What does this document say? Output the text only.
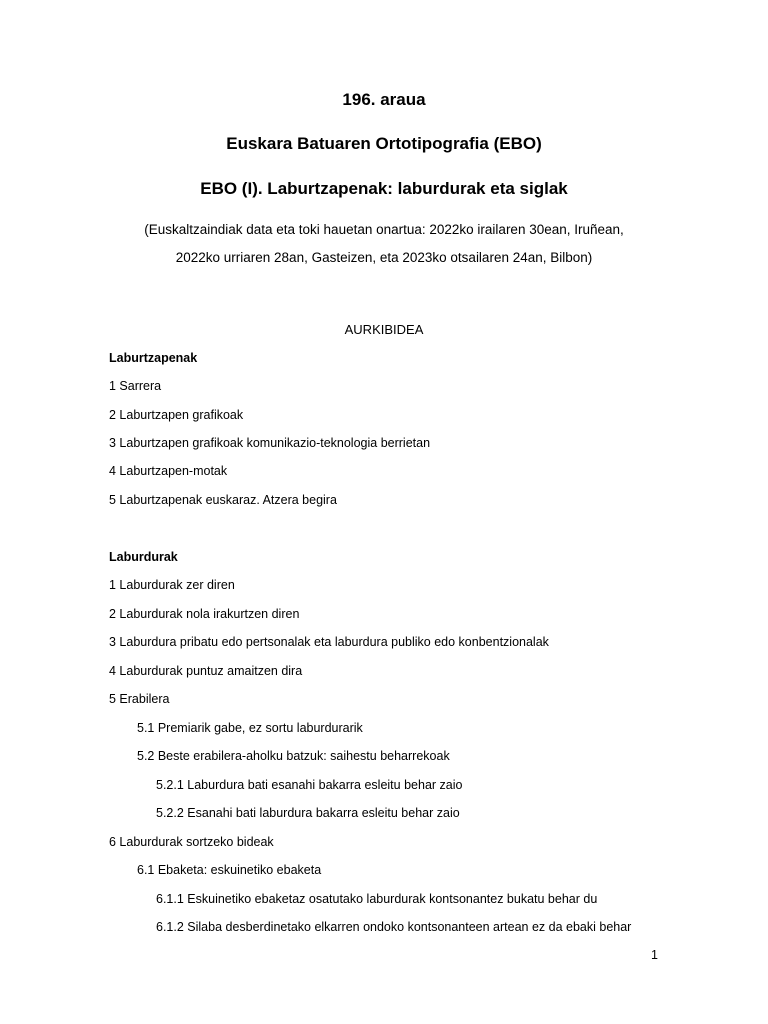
196. araua
Euskara Batuaren Ortotipografia (EBO)
EBO (I). Laburtzapenak: laburdurak eta siglak
(Euskaltzaindiak data eta toki hauetan onartua: 2022ko irailaren 30ean, Iruñean,
2022ko urriaren 28an, Gasteizen, eta 2023ko otsailaren 24an, Bilbon)
AURKIBIDEA
Laburtzapenak
1 Sarrera
2 Laburtzapen grafikoak
3 Laburtzapen grafikoak komunikazio-teknologia berrietan
4 Laburtzapen-motak
5 Laburtzapenak euskaraz. Atzera begira
Laburdurak
1 Laburdurak zer diren
2 Laburdurak nola irakurtzen diren
3 Laburdura pribatu edo pertsonalak eta laburdura publiko edo konbentzionalak
4 Laburdurak puntuz amaitzen dira
5 Erabilera
5.1 Premiarik gabe, ez sortu laburdurarik
5.2 Beste erabilera-aholku batzuk: saihestu beharrekoak
5.2.1 Laburdura bati esanahi bakarra esleitu behar zaio
5.2.2 Esanahi bati laburdura bakarra esleitu behar zaio
6 Laburdurak sortzeko bideak
6.1 Ebaketa: eskuinetiko ebaketa
6.1.1 Eskuinetiko ebaketaz osatutako laburdurak kontsonantez bukatu behar du
6.1.2 Silaba desberdinetako elkarren ondoko kontsonanteen artean ez da ebaki behar
1
